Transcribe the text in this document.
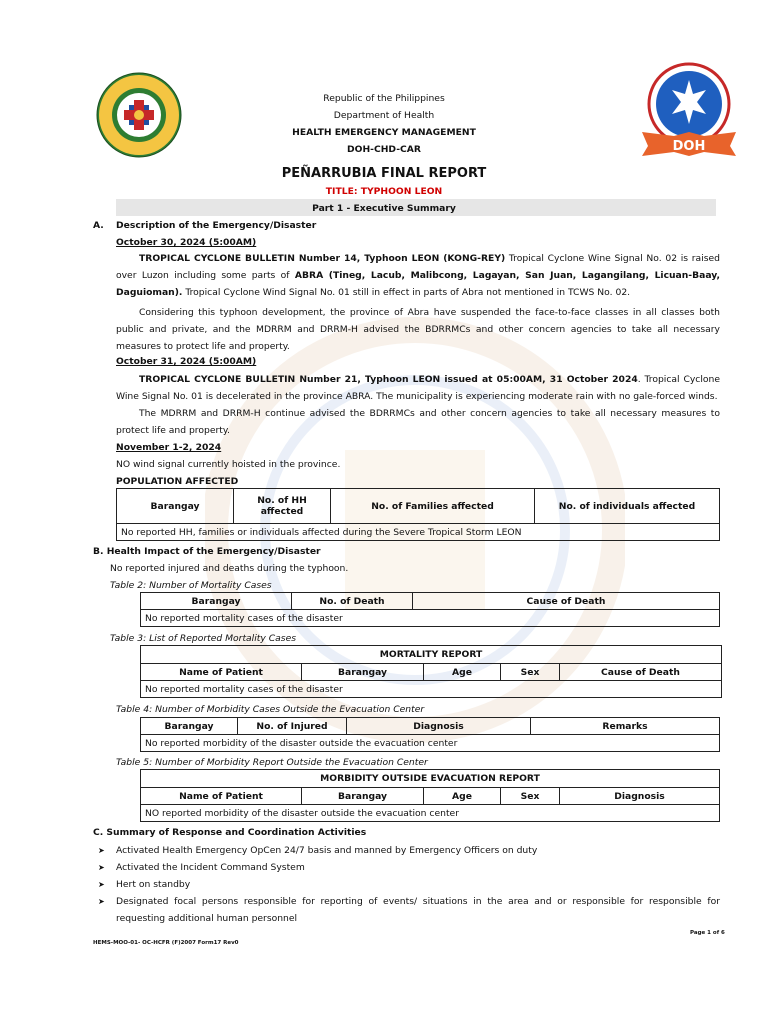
DOH
Republic of the Philippines
Department of Health
HEALTH EMERGENCY MANAGEMENT
DOH-CHD-CAR
PEÑARRUBIA FINAL REPORT
TITLE: TYPHOON LEON
Part 1 - Executive Summary
A. Description of the Emergency/Disaster
October 30, 2024 (5:00AM)
TROPICAL CYCLONE BULLETIN Number 14, Typhoon LEON (KONG-REY) Tropical Cyclone Wine Signal No. 02 is raised over Luzon including some parts of ABRA (Tineg, Lacub, Malibcong, Lagayan, San Juan, Lagangilang, Licuan-Baay, Daguioman). Tropical Cyclone Wind Signal No. 01 still in effect in parts of Abra not mentioned in TCWS No. 02.
Considering this typhoon development, the province of Abra have suspended the face-to-face classes in all classes both public and private, and the MDRRM and DRRM-H advised the BDRRMCs and other concern agencies to take all necessary measures to protect life and property.
October 31, 2024 (5:00AM)
TROPICAL CYCLONE BULLETIN Number 21, Typhoon LEON issued at 05:00AM, 31 October 2024. Tropical Cyclone Wine Signal No. 01 is decelerated in the province ABRA. The municipality is experiencing moderate rain with no gale-forced winds.
The MDRRM and DRRM-H continue advised the BDRRMCs and other concern agencies to take all necessary measures to protect life and property.
November 1-2, 2024
NO wind signal currently hoisted in the province.
POPULATION AFFECTED
Barangay	No. of HH affected	No. of Families affected	No. of individuals affected
No reported HH, families or individuals affected during the Severe Tropical Storm LEON
B. Health Impact of the Emergency/Disaster
No reported injured and deaths during the typhoon.
Table 2: Number of Mortality Cases
Barangay	No. of Death	Cause of Death
No reported mortality cases of the disaster
Table 3: List of Reported Mortality Cases
MORTALITY REPORT
Name of Patient	Barangay	Age	Sex	Cause of Death
No reported mortality cases of the disaster
Table 4: Number of Morbidity Cases Outside the Evacuation Center
Barangay	No. of Injured	Diagnosis	Remarks
No reported morbidity of the disaster outside the evacuation center
Table 5: Number of Morbidity Report Outside the Evacuation Center
MORBIDITY OUTSIDE EVACUATION REPORT
Name of Patient	Barangay	Age	Sex	Diagnosis
NO reported morbidity of the disaster outside the evacuation center
C. Summary of Response and Coordination Activities
➤ Activated Health Emergency OpCen 24/7 basis and manned by Emergency Officers on duty
➤ Activated the Incident Command System
➤ Hert on standby
➤ Designated focal persons responsible for reporting of events/ situations in the area and or responsible for responsible for requesting additional human personnel
Page 1 of 6
HEMS-MOO-01- OC-HCFR (F)2007 Form17 Rev0
